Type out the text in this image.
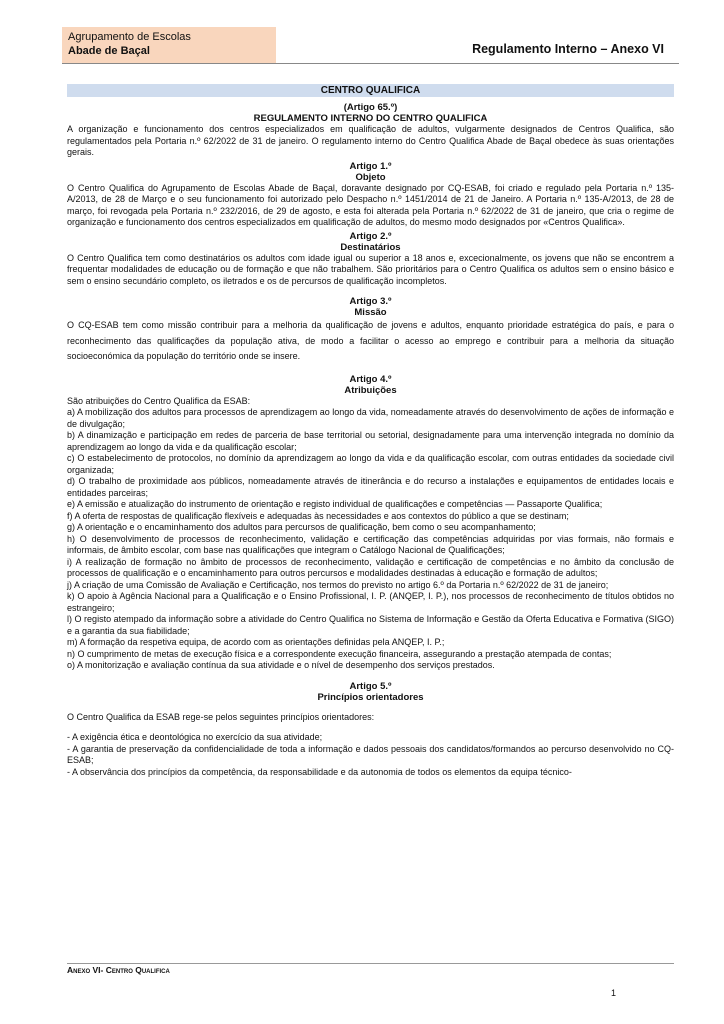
Agrupamento de Escolas
Abade de Baçal	Regulamento Interno – Anexo VI
CENTRO QUALIFICA
(Artigo 65.º)
REGULAMENTO INTERNO DO CENTRO QUALIFICA

A organização e funcionamento dos centros especializados em qualificação de adultos, vulgarmente designados de Centros Qualifica, são regulamentados pela Portaria n.º 62/2022 de 31 de janeiro. O regulamento interno do Centro Qualifica Abade de Baçal obedece às suas orientações gerais.

Artigo 1.º
Objeto

O Centro Qualifica do Agrupamento de Escolas Abade de Baçal, doravante designado por CQ-ESAB, foi criado e regulado pela Portaria n.º 135-A/2013, de 28 de Março e o seu funcionamento foi autorizado pelo Despacho n.º 1451/2014 de 21 de Janeiro. A Portaria n.º 135-A/2013, de 28 de março, foi revogada pela Portaria n.º 232/2016, de 29 de agosto, e esta foi alterada pela Portaria n.º 62/2022 de 31 de janeiro, que cria o regime de organização e funcionamento dos centros especializados em qualificação de adultos, do mesmo modo designados por «Centros Qualifica».

Artigo 2.º
Destinatários

O Centro Qualifica tem como destinatários os adultos com idade igual ou superior a 18 anos e, excecionalmente, os jovens que não se encontrem a frequentar modalidades de educação ou de formação e que não trabalhem. São prioritários para o Centro Qualifica os adultos sem o ensino básico e sem o ensino secundário completo, os iletrados e os de percursos de qualificação incompletos.

Artigo 3.º
Missão

O CQ-ESAB tem como missão contribuir para a melhoria da qualificação de jovens e adultos, enquanto prioridade estratégica do país, e para o reconhecimento das qualificações da população ativa, de modo a facilitar o acesso ao emprego e contribuir para a melhoria da situação socioeconómica da população do território onde se insere.

Artigo 4.º
Atribuições

São atribuições do Centro Qualifica da ESAB:

a) A mobilização dos adultos para processos de aprendizagem ao longo da vida, nomeadamente através do desenvolvimento de ações de informação e de divulgação;

b) A dinamização e participação em redes de parceria de base territorial ou setorial, designadamente para uma intervenção integrada no domínio da aprendizagem ao longo da vida e da qualificação escolar;

c) O estabelecimento de protocolos, no domínio da aprendizagem ao longo da vida e da qualificação escolar, com outras entidades da sociedade civil organizada;

d) O trabalho de proximidade aos públicos, nomeadamente através de itinerância e do recurso a instalações e equipamentos de entidades locais e entidades parceiras;

e) A emissão e atualização do instrumento de orientação e registo individual de qualificações e competências — Passaporte Qualifica;

f) A oferta de respostas de qualificação flexíveis e adequadas às necessidades e aos contextos do público a que se destinam;

g) A orientação e o encaminhamento dos adultos para percursos de qualificação, bem como o seu acompanhamento;

h) O desenvolvimento de processos de reconhecimento, validação e certificação das competências adquiridas por vias formais, não formais e informais, de âmbito escolar, com base nas qualificações que integram o Catálogo Nacional de Qualificações;

i) A realização de formação no âmbito de processos de reconhecimento, validação e certificação de competências e no âmbito da conclusão de processos de qualificação e o encaminhamento para outros percursos e modalidades destinadas à educação e formação de adultos;

j) A criação de uma Comissão de Avaliação e Certificação, nos termos do previsto no artigo 6.º da Portaria n.º 62/2022 de 31 de janeiro;

k) O apoio à Agência Nacional para a Qualificação e o Ensino Profissional, I. P. (ANQEP, I. P.), nos processos de reconhecimento de títulos obtidos no estrangeiro;

l) O registo atempado da informação sobre a atividade do Centro Qualifica no Sistema de Informação e Gestão da Oferta Educativa e Formativa (SIGO) e a garantia da sua fiabilidade;

m) A formação da respetiva equipa, de acordo com as orientações definidas pela ANQEP, I. P.;

n) O cumprimento de metas de execução física e a correspondente execução financeira, assegurando a prestação atempada de contas;

o) A monitorização e avaliação contínua da sua atividade e o nível de desempenho dos serviços prestados.

Artigo 5.º
Princípios orientadores

O Centro Qualifica da ESAB rege-se pelos seguintes princípios orientadores:

- A exigência ética e deontológica no exercício da sua atividade;

- A garantia de preservação da confidencialidade de toda a informação e dados pessoais dos candidatos/formandos ao percurso desenvolvido no CQ-ESAB;

- A observância dos princípios da competência, da responsabilidade e da autonomia de todos os elementos da equipa técnico-

Anexo VI- Centro Qualifica
1
